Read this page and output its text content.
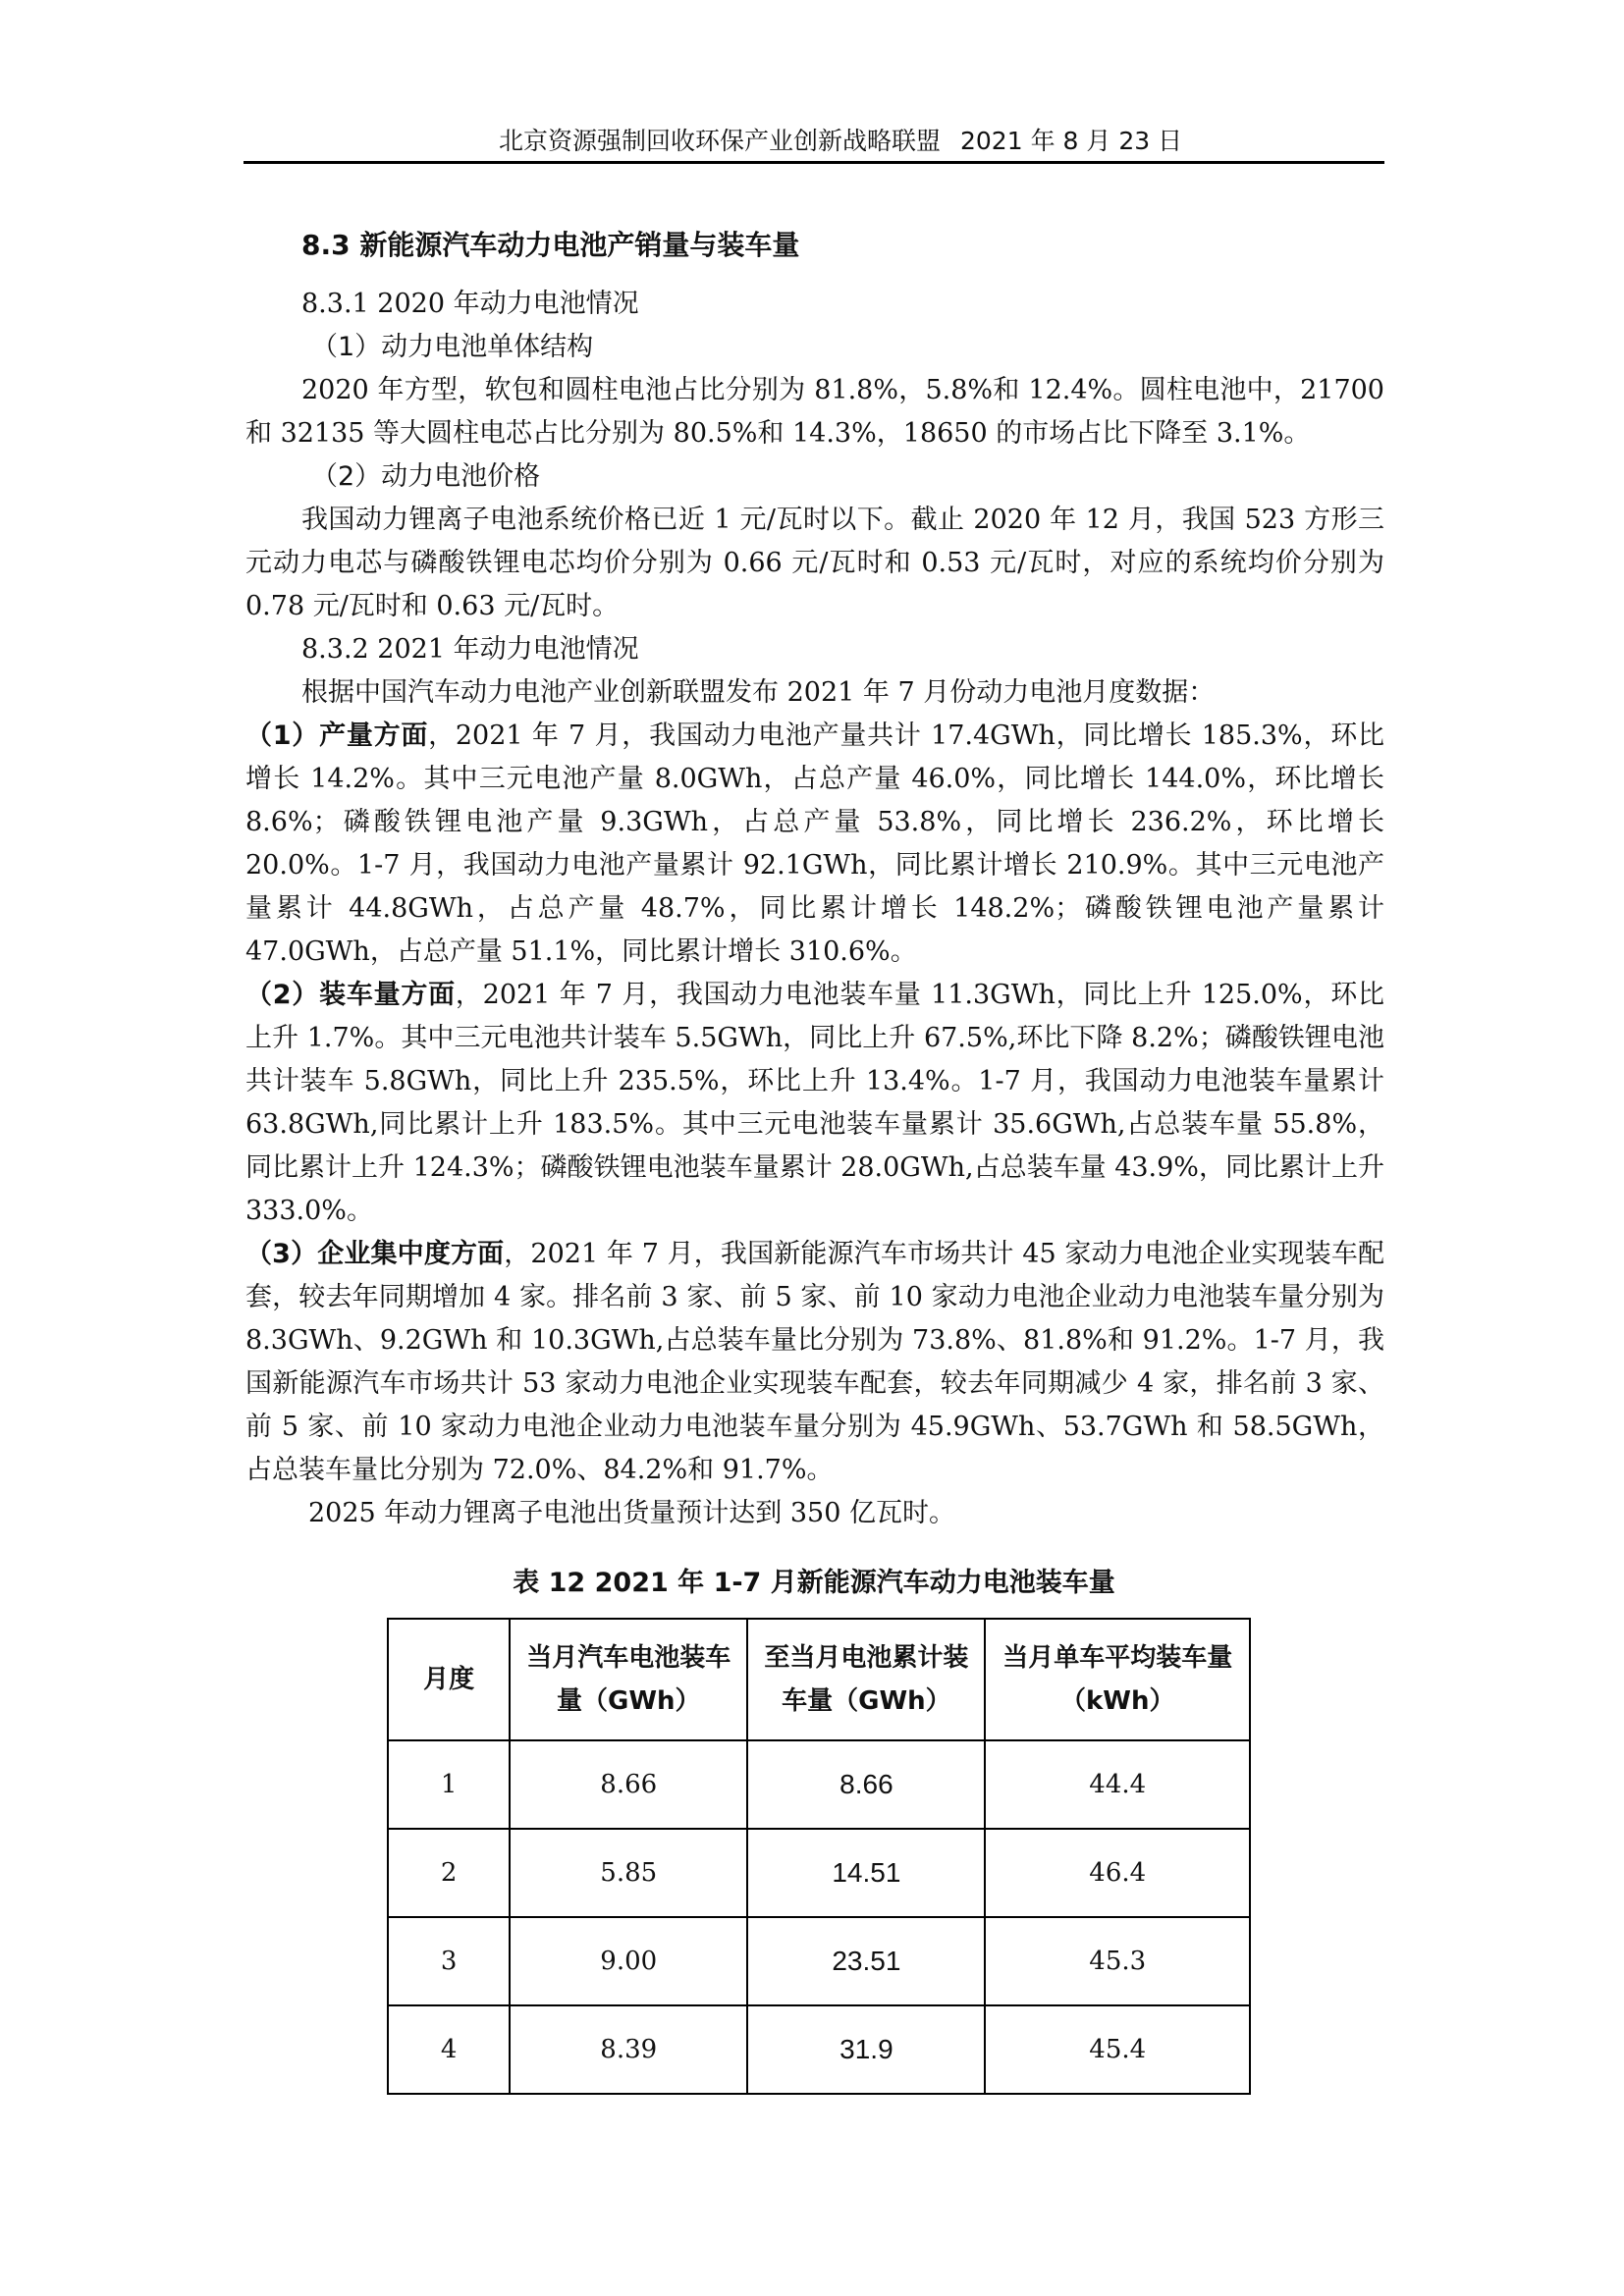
北京资源强制回收环保产业创新战略联盟 2021 年 8 月 23 日

8.3 新能源汽车动力电池产销量与装车量

8.3.1 2020 年动力电池情况

（1）动力电池单体结构

2020 年方型，软包和圆柱电池占比分别为 81.8%，5.8%和 12.4%。圆柱电池中，21700 和 32135 等大圆柱电芯占比分别为 80.5%和 14.3%，18650 的市场占比下降至 3.1%。

（2）动力电池价格

我国动力锂离子电池系统价格已近 1 元/瓦时以下。截止 2020 年 12 月，我国 523 方形三元动力电芯与磷酸铁锂电芯均价分别为 0.66 元/瓦时和 0.53 元/瓦时，对应的系统均价分别为 0.78 元/瓦时和 0.63 元/瓦时。

8.3.2 2021 年动力电池情况

根据中国汽车动力电池产业创新联盟发布 2021 年 7 月份动力电池月度数据：

（1）产量方面，2021 年 7 月，我国动力电池产量共计 17.4GWh，同比增长 185.3%，环比增长 14.2%。其中三元电池产量 8.0GWh，占总产量 46.0%，同比增长 144.0%，环比增长 8.6%；磷酸铁锂电池产量 9.3GWh，占总产量 53.8%，同比增长 236.2%，环比增长 20.0%。1-7 月，我国动力电池产量累计 92.1GWh，同比累计增长 210.9%。其中三元电池产量累计 44.8GWh，占总产量 48.7%，同比累计增长 148.2%；磷酸铁锂电池产量累计 47.0GWh，占总产量 51.1%，同比累计增长 310.6%。

（2）装车量方面，2021 年 7 月，我国动力电池装车量 11.3GWh，同比上升 125.0%，环比上升 1.7%。其中三元电池共计装车 5.5GWh，同比上升 67.5%,环比下降 8.2%；磷酸铁锂电池共计装车 5.8GWh，同比上升 235.5%，环比上升 13.4%。1-7 月，我国动力电池装车量累计 63.8GWh,同比累计上升 183.5%。其中三元电池装车量累计 35.6GWh,占总装车量 55.8%，同比累计上升 124.3%；磷酸铁锂电池装车量累计 28.0GWh,占总装车量 43.9%，同比累计上升 333.0%。

（3）企业集中度方面，2021 年 7 月，我国新能源汽车市场共计 45 家动力电池企业实现装车配套，较去年同期增加 4 家。排名前 3 家、前 5 家、前 10 家动力电池企业动力电池装车量分别为 8.3GWh、9.2GWh 和 10.3GWh,占总装车量比分别为 73.8%、81.8%和 91.2%。1-7 月，我国新能源汽车市场共计 53 家动力电池企业实现装车配套，较去年同期减少 4 家，排名前 3 家、前 5 家、前 10 家动力电池企业动力电池装车量分别为 45.9GWh、53.7GWh 和 58.5GWh，占总装车量比分别为 72.0%、84.2%和 91.7%。

2025 年动力锂离子电池出货量预计达到 350 亿瓦时。

表 12 2021 年 1-7 月新能源汽车动力电池装车量
月度	当月汽车电池装车量（GWh）	至当月电池累计装车量（GWh）	当月单车平均装车量（kWh）
1	8.66	8.66	44.4
2	5.85	14.51	46.4
3	9.00	23.51	45.3
4	8.39	31.9	45.4
